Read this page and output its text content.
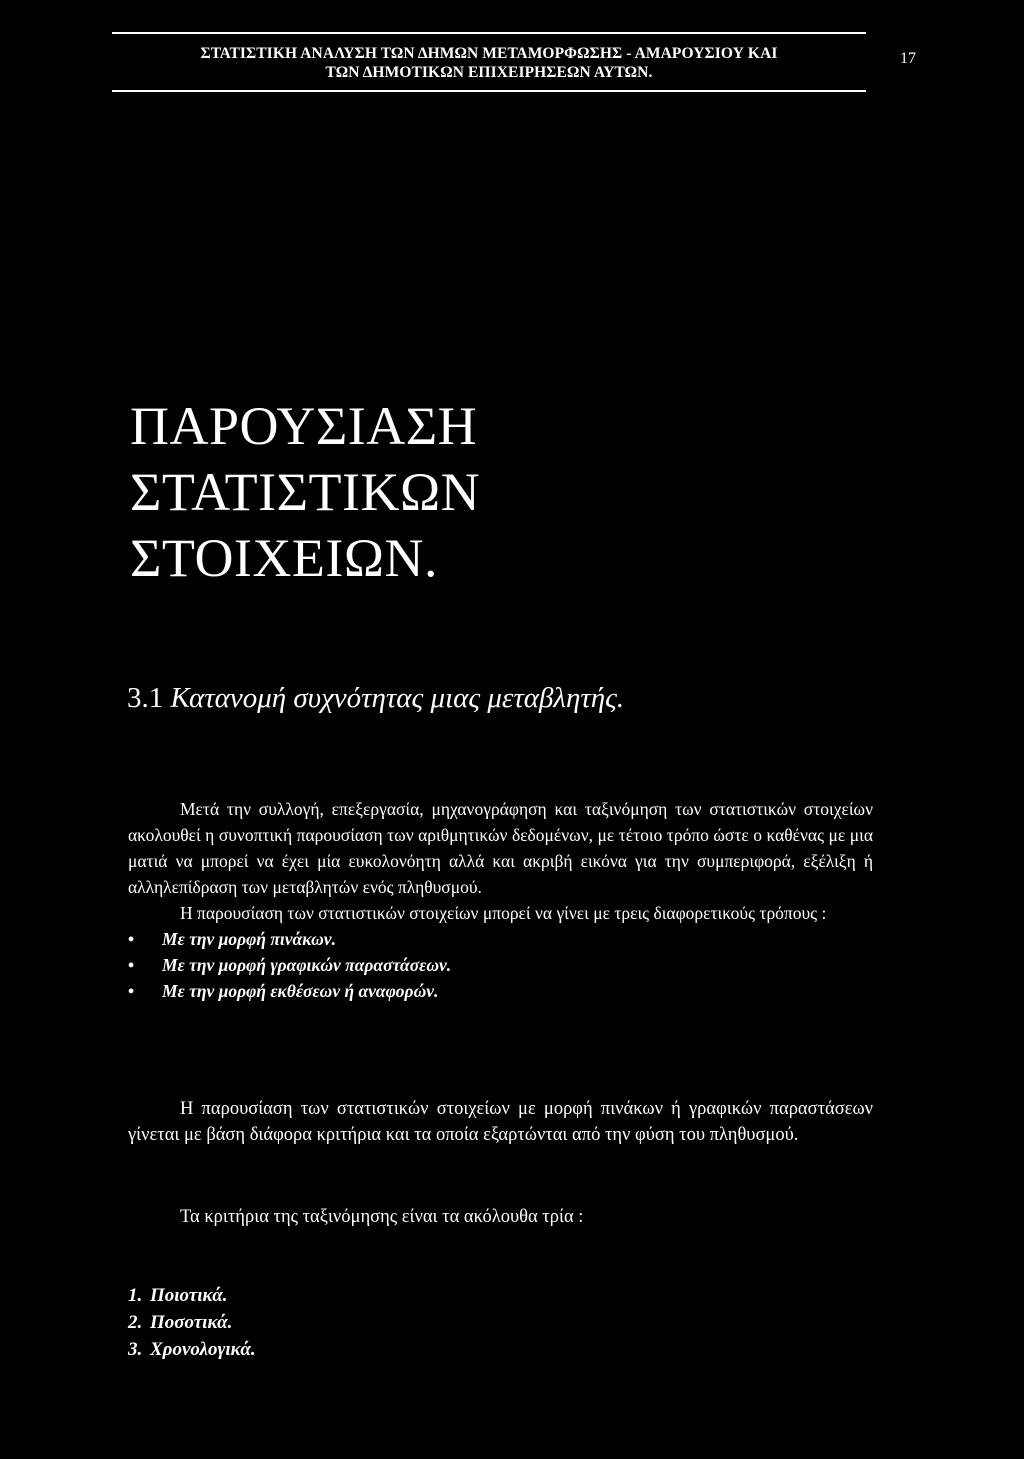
ΣΤΑΤΙΣΤΙΚΗ ΑΝΑΛΥΣΗ ΤΩΝ ΔΗΜΩΝ ΜΕΤΑΜΟΡΦΩΣΗΣ - ΑΜΑΡΟΥΣΙΟΥ ΚΑΙ
ΤΩΝ ΔΗΜΟΤΙΚΩΝ ΕΠΙΧΕΙΡΗΣΕΩΝ ΑΥΤΩΝ.
17
ΠΑΡΟΥΣΙΑΣΗ
ΣΤΑΤΙΣΤΙΚΩΝ
ΣΤΟΙΧΕΙΩΝ.
3.1 Κατανομή συχνότητας μιας μεταβλητής.

Μετά την συλλογή, επεξεργασία, μηχανογράφηση και ταξινόμηση των στατιστικών στοιχείων ακολουθεί η συνοπτική παρουσίαση των αριθμητικών δεδομένων, με τέτοιο τρόπο ώστε ο καθένας με μια ματιά να μπορεί να έχει μία ευκολονόητη αλλά και ακριβή εικόνα για την συμπεριφορά, εξέλιξη ή αλληλεπίδραση των μεταβλητών ενός πληθυσμού.

Η παρουσίαση των στατιστικών στοιχείων μπορεί να γίνει με τρεις διαφορετικούς τρόπους :

• Με την μορφή πινάκων.
• Με την μορφή γραφικών παραστάσεων.
• Με την μορφή εκθέσεων ή αναφορών.

Η παρουσίαση των στατιστικών στοιχείων με μορφή πινάκων ή γραφικών παραστάσεων γίνεται με βάση διάφορα κριτήρια και τα οποία εξαρτώνται από την φύση του πληθυσμού.

Τα κριτήρια της ταξινόμησης είναι τα ακόλουθα τρία :

1. Ποιοτικά.
2. Ποσοτικά.
3. Χρονολογικά.
